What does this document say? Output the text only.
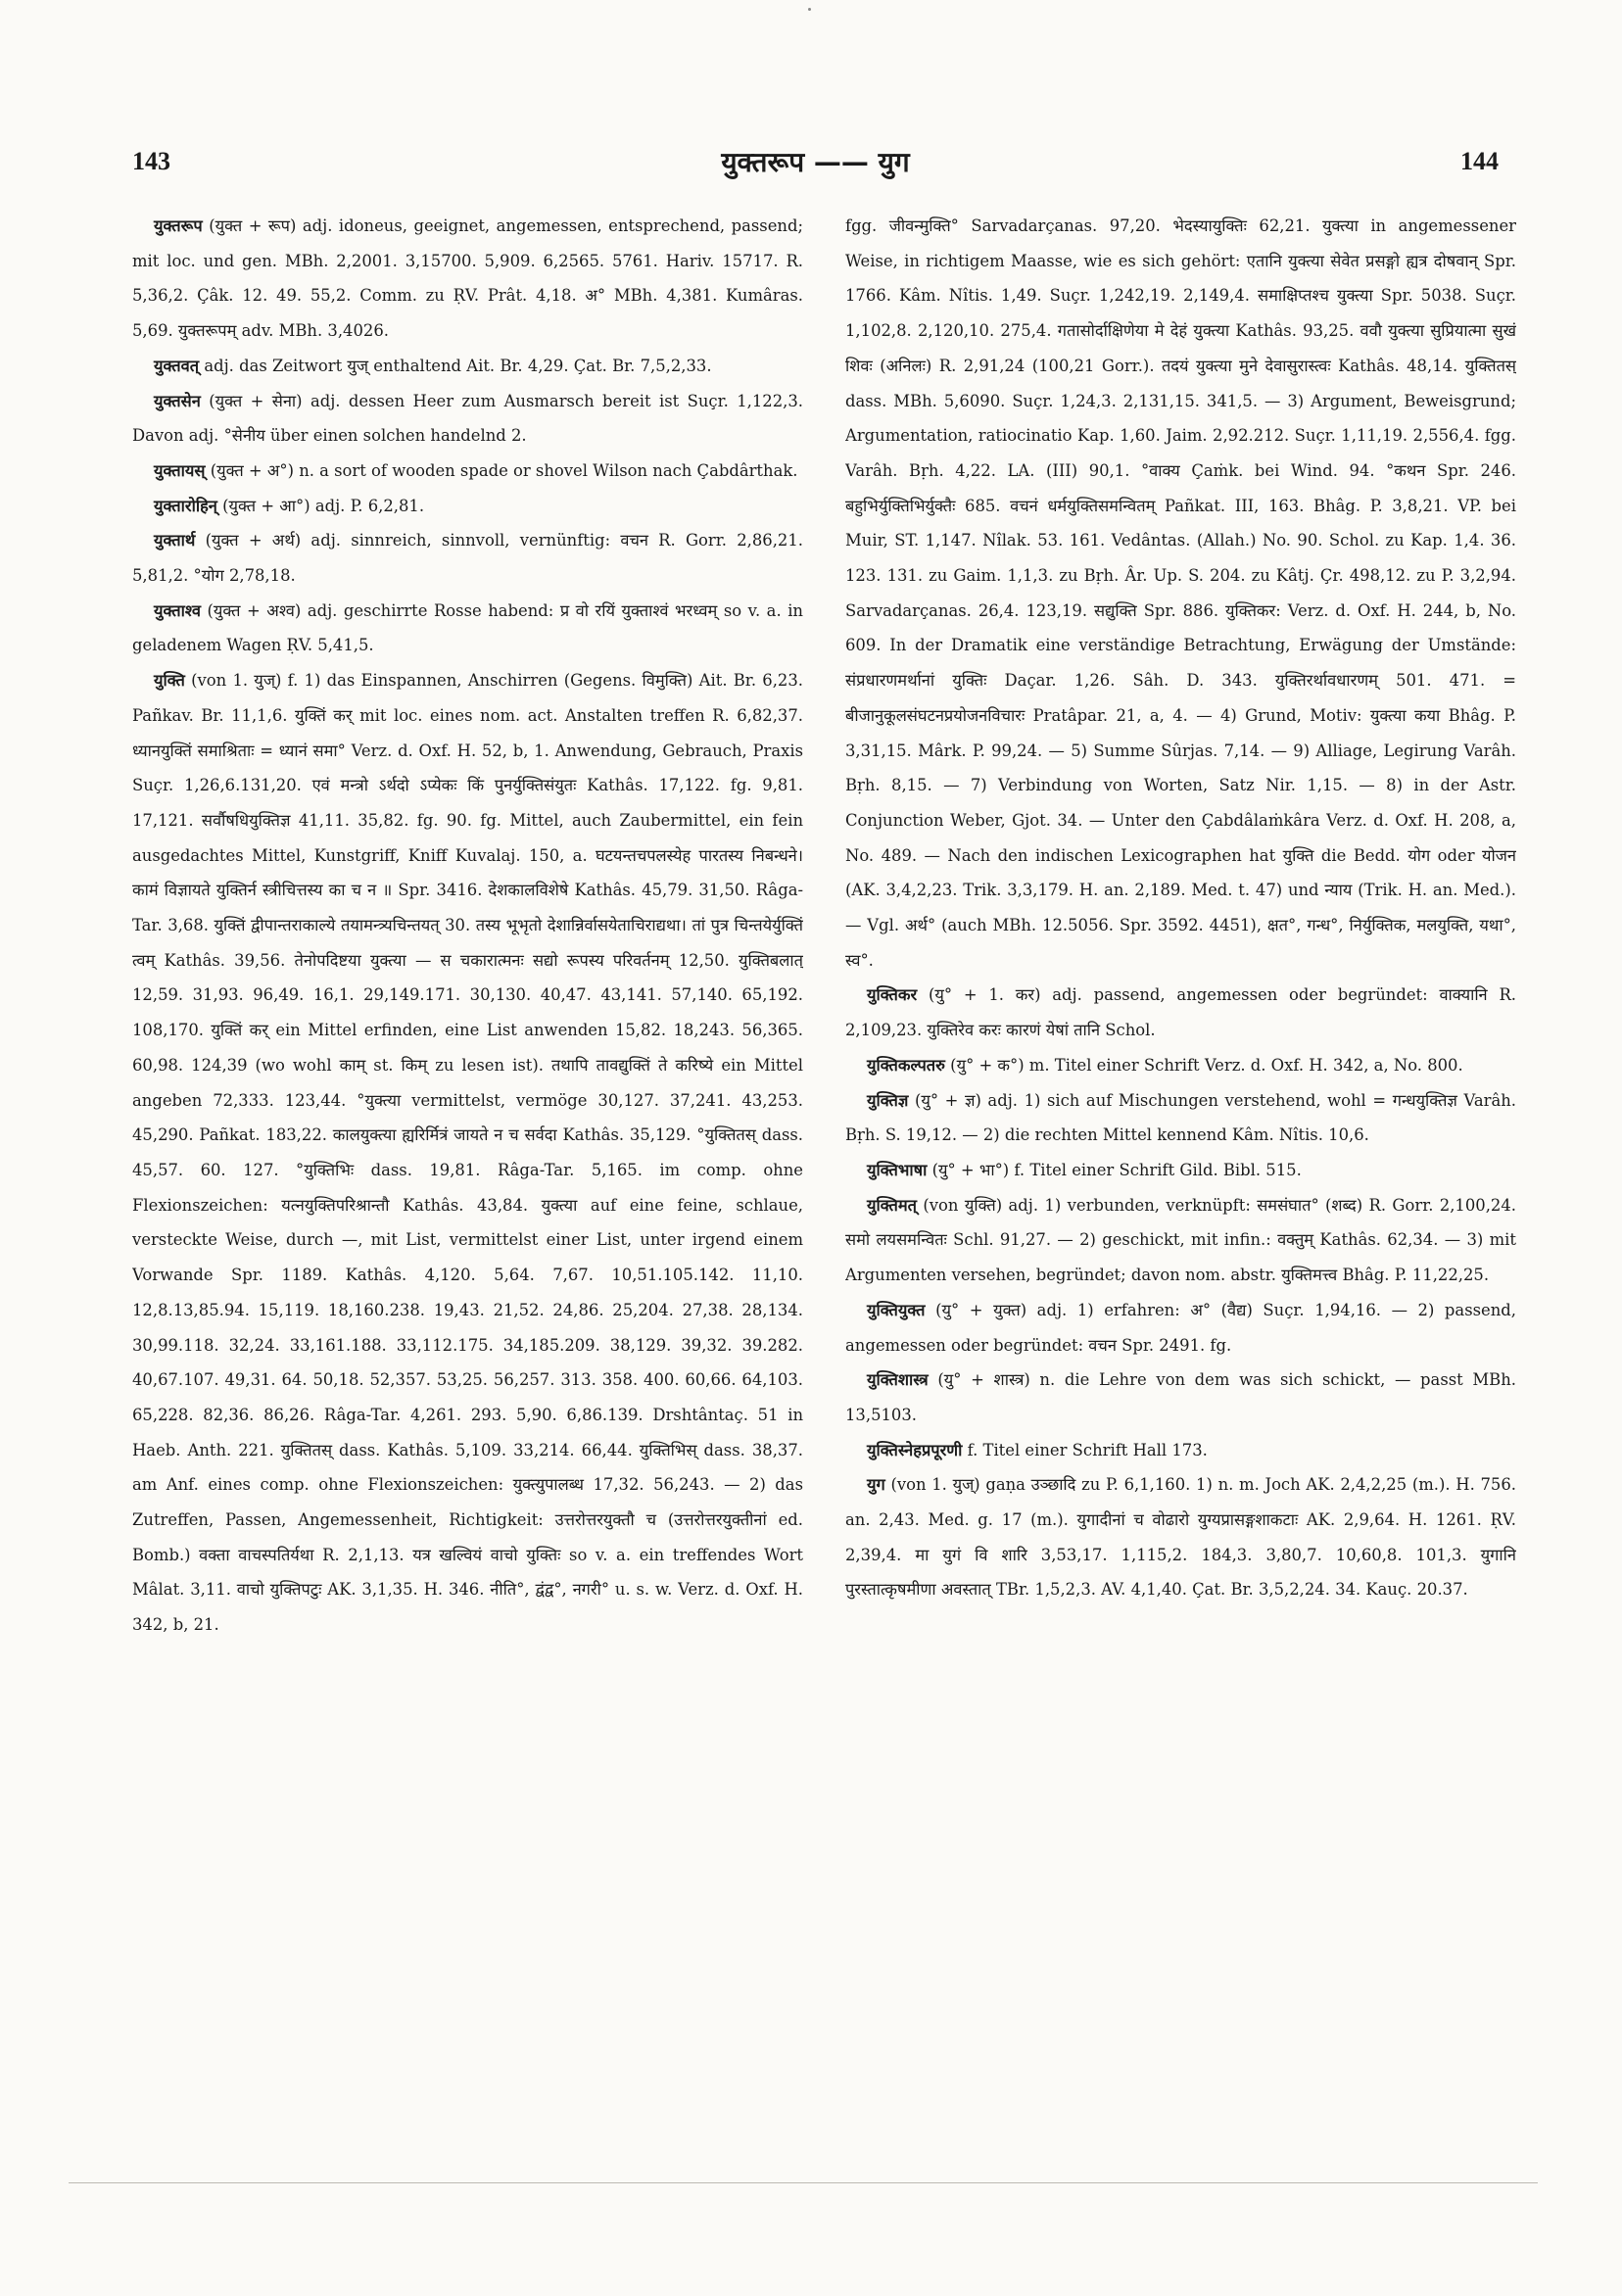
143	युक्तरूप —— युग	144

युक्तरूप (युक्त + रूप) adj. idoneus, geeignet, angemessen, entsprechend, passend; mit loc. und gen. MBh. 2,2001. 3,15700. 5,909. 6,2565. 5761. Hariv. 15717. R. 5,36,2. Çâk. 12. 49. 55,2. Comm. zu ṚV. Prât. 4,18. अ° MBh. 4,381. Kumâras. 5,69. युक्तरूपम् adv. MBh. 3,4026.

युक्तवत् adj. das Zeitwort युज् enthaltend Ait. Br. 4,29. Çat. Br. 7,5,2,33.

युक्तसेन (युक्त + सेना) adj. dessen Heer zum Ausmarsch bereit ist Suçr. 1,122,3. Davon adj. °सेनीय über einen solchen handelnd 2.

युक्तायस् (युक्त + अ°) n. a sort of wooden spade or shovel Wilson nach Çabdârthak.

युक्तारोहिन् (युक्त + आ°) adj. P. 6,2,81.

युक्तार्थ (युक्त + अर्थ) adj. sinnreich, sinnvoll, vernünftig: वचन R. Gorr. 2,86,21. 5,81,2. °योग 2,78,18.

युक्ताश्व (युक्त + अश्व) adj. geschirrte Rosse habend: प्र वो रयिं युक्ताश्वं भरध्वम् so v. a. in geladenem Wagen ṚV. 5,41,5.

युक्ति (von 1. युज्) f. 1) das Einspannen, Anschirren (Gegens. विमुक्ति) Ait. Br. 6,23. Pañkav. Br. 11,1,6. युक्तिं कर् mit loc. eines nom. act. Anstalten treffen R. 6,82,37. ध्यानयुक्तिं समाश्रिताः = ध्यानं समा° Verz. d. Oxf. H. 52, b, 1. Anwendung, Gebrauch, Praxis Suçr. 1,26,6.131,20. एवं मन्त्रो ऽर्थदो ऽप्येकः किं पुनर्युक्तिसंयुतः Kathâs. 17,122. fg. 9,81. 17,121. सर्वौषधियुक्तिज्ञ 41,11. 35,82. fg. 90. fg. Mittel, auch Zaubermittel, ein fein ausgedachtes Mittel, Kunstgriff, Kniff Kuvalaj. 150, a. घटयन्तचपलस्येह पारतस्य निबन्धने। कामं विज्ञायते युक्तिर्न स्त्रीचित्तस्य का च न ॥ Spr. 3416. देशकालविशेषे Kathâs. 45,79. 31,50. Râga-Tar. 3,68. युक्तिं द्वीपान्तराकाल्ये तयामन्त्र्यचिन्तयत् 30. तस्य भूभृतो देशान्निर्वासयेताचिराद्यथा। तां पुत्र चिन्तयेर्युक्तिं त्वम् Kathâs. 39,56. तेनोपदिष्टया युक्त्या — स चकारात्मनः सद्यो रूपस्य परिवर्तनम् 12,50. युक्तिबलात् 12,59. 31,93. 96,49. 16,1. 29,149.171. 30,130. 40,47. 43,141. 57,140. 65,192. 108,170. युक्तिं कर् ein Mittel erfinden, eine List anwenden 15,82. 18,243. 56,365. 60,98. 124,39 (wo wohl काम् st. किम् zu lesen ist). तथापि तावद्युक्तिं ते करिष्ये ein Mittel angeben 72,333. 123,44. °युक्त्या vermittelst, vermöge 30,127. 37,241. 43,253. 45,290. Pañkat. 183,22. कालयुक्त्या ह्यरिर्मित्रं जायते न च सर्वदा Kathâs. 35,129. °युक्तितस् dass. 45,57. 60. 127. °युक्तिभिः dass. 19,81. Râga-Tar. 5,165. im comp. ohne Flexionszeichen: यत्नयुक्तिपरिश्रान्तौ Kathâs. 43,84. युक्त्या auf eine feine, schlaue, versteckte Weise, durch —, mit List, vermittelst einer List, unter irgend einem Vorwande Spr. 1189. Kathâs. 4,120. 5,64. 7,67. 10,51.105.142. 11,10. 12,8.13,85.94. 15,119. 18,160.238. 19,43. 21,52. 24,86. 25,204. 27,38. 28,134. 30,99.118. 32,24. 33,161.188. 33,112.175. 34,185.209. 38,129. 39,32. 39.282. 40,67.107. 49,31. 64. 50,18. 52,357. 53,25. 56,257. 313. 358. 400. 60,66. 64,103. 65,228. 82,36. 86,26. Râga-Tar. 4,261. 293. 5,90. 6,86.139. Drshtântaç. 51 in Haeb. Anth. 221. युक्तितस् dass. Kathâs. 5,109. 33,214. 66,44. युक्तिभिस् dass. 38,37. am Anf. eines comp. ohne Flexionszeichen: युक्त्युपालब्ध 17,32. 56,243. — 2) das Zutreffen, Passen, Angemessenheit, Richtigkeit: उत्तरोत्तरयुक्तौ च (उत्तरोत्तरयुक्तीनां ed. Bomb.) वक्ता वाचस्पतिर्यथा R. 2,1,13. यत्र खल्वियं वाचो युक्तिः so v. a. ein treffendes Wort Mâlat. 3,11. वाचो युक्तिपटुः AK. 3,1,35. H. 346. नीति°, द्वंद्व°, नगरी° u. s. w. Verz. d. Oxf. H. 342, b, 21.

fgg. जीवन्मुक्ति° Sarvadarçanas. 97,20. भेदस्यायुक्तिः 62,21. युक्त्या in angemessener Weise, in richtigem Maasse, wie es sich gehört: एतानि युक्त्या सेवेत प्रसङ्गो ह्यत्र दोषवान् Spr. 1766. Kâm. Nîtis. 1,49. Suçr. 1,242,19. 2,149,4. समाक्षिप्तश्च युक्त्या Spr. 5038. Suçr. 1,102,8. 2,120,10. 275,4. गतासोर्दाक्षिणेया मे देहं युक्त्या Kathâs. 93,25. ववौ युक्त्या सुप्रियात्मा सुखं शिवः (अनिलः) R. 2,91,24 (100,21 Gorr.). तदयं युक्त्या मुने देवासुरास्त्वः Kathâs. 48,14. युक्तितस् dass. MBh. 5,6090. Suçr. 1,24,3. 2,131,15. 341,5. — 3) Argument, Beweisgrund; Argumentation, ratiocinatio Kap. 1,60. Jaim. 2,92.212. Suçr. 1,11,19. 2,556,4. fgg. Varâh. Bṛh. 4,22. LA. (III) 90,1. °वाक्य Çaṁk. bei Wind. 94. °कथन Spr. 246. बहुभिर्युक्तिभिर्युक्तैः 685. वचनं धर्मयुक्तिसमन्वितम् Pañkat. III, 163. Bhâg. P. 3,8,21. VP. bei Muir, ST. 1,147. Nîlak. 53. 161. Vedântas. (Allah.) No. 90. Schol. zu Kap. 1,4. 36. 123. 131. zu Gaim. 1,1,3. zu Bṛh. Âr. Up. S. 204. zu Kâtj. Çr. 498,12. zu P. 3,2,94. Sarvadarçanas. 26,4. 123,19. सद्युक्ति Spr. 886. युक्तिकर: Verz. d. Oxf. H. 244, b, No. 609. In der Dramatik eine verständige Betrachtung, Erwägung der Umstände: संप्रधारणमर्थानां युक्तिः Daçar. 1,26. Sâh. D. 343. युक्तिरर्थावधारणम् 501. 471. = बीजानुकूलसंघटनप्रयोजनविचारः Pratâpar. 21, a, 4. — 4) Grund, Motiv: युक्त्या कया Bhâg. P. 3,31,15. Mârk. P. 99,24. — 5) Summe Sûrjas. 7,14. — 9) Alliage, Legirung Varâh. Bṛh. 8,15. — 7) Verbindung von Worten, Satz Nir. 1,15. — 8) in der Astr. Conjunction Weber, Gjot. 34. — Unter den Çabdâlaṁkâra Verz. d. Oxf. H. 208, a, No. 489. — Nach den indischen Lexicographen hat युक्ति die Bedd. योग oder योजन (AK. 3,4,2,23. Trik. 3,3,179. H. an. 2,189. Med. t. 47) und न्याय (Trik. H. an. Med.). — Vgl. अर्थ° (auch MBh. 12.5056. Spr. 3592. 4451), क्षत°, गन्ध°, निर्युक्तिक, मलयुक्ति, यथा°, स्व°.

युक्तिकर (यु° + 1. कर) adj. passend, angemessen oder begründet: वाक्यानि R. 2,109,23. युक्तिरेव करः कारणं येषां तानि Schol.

युक्तिकल्पतरु (यु° + क°) m. Titel einer Schrift Verz. d. Oxf. H. 342, a, No. 800.

युक्तिज्ञ (यु° + ज्ञ) adj. 1) sich auf Mischungen verstehend, wohl = गन्धयुक्तिज्ञ Varâh. Bṛh. S. 19,12. — 2) die rechten Mittel kennend Kâm. Nîtis. 10,6.

युक्तिभाषा (यु° + भा°) f. Titel einer Schrift Gild. Bibl. 515.

युक्तिमत् (von युक्ति) adj. 1) verbunden, verknüpft: समसंघात° (शब्द) R. Gorr. 2,100,24. समो लयसमन्वितः Schl. 91,27. — 2) geschickt, mit infin.: वक्तुम् Kathâs. 62,34. — 3) mit Argumenten versehen, begründet; davon nom. abstr. युक्तिमत्त्व Bhâg. P. 11,22,25.

युक्तियुक्त (यु° + युक्त) adj. 1) erfahren: अ° (वैद्य) Suçr. 1,94,16. — 2) passend, angemessen oder begründet: वचन Spr. 2491. fg.

युक्तिशास्त्र (यु° + शास्त्र) n. die Lehre von dem was sich schickt, — passt MBh. 13,5103.

युक्तिस्नेहप्रपूरणी f. Titel einer Schrift Hall 173.

युग (von 1. युज्) gaṇa उञ्छादि zu P. 6,1,160. 1) n. m. Joch AK. 2,4,2,25 (m.). H. 756. an. 2,43. Med. g. 17 (m.). युगादीनां च वोढारो युग्यप्रासङ्गशाकटाः AK. 2,9,64. H. 1261. ṚV. 2,39,4. मा युगं वि शारि 3,53,17. 1,115,2. 184,3. 3,80,7. 10,60,8. 101,3. युगानि पुरस्तात्कृषमीणा अवस्तात् TBr. 1,5,2,3. AV. 4,1,40. Çat. Br. 3,5,2,24. 34. Kauç. 20.37.
